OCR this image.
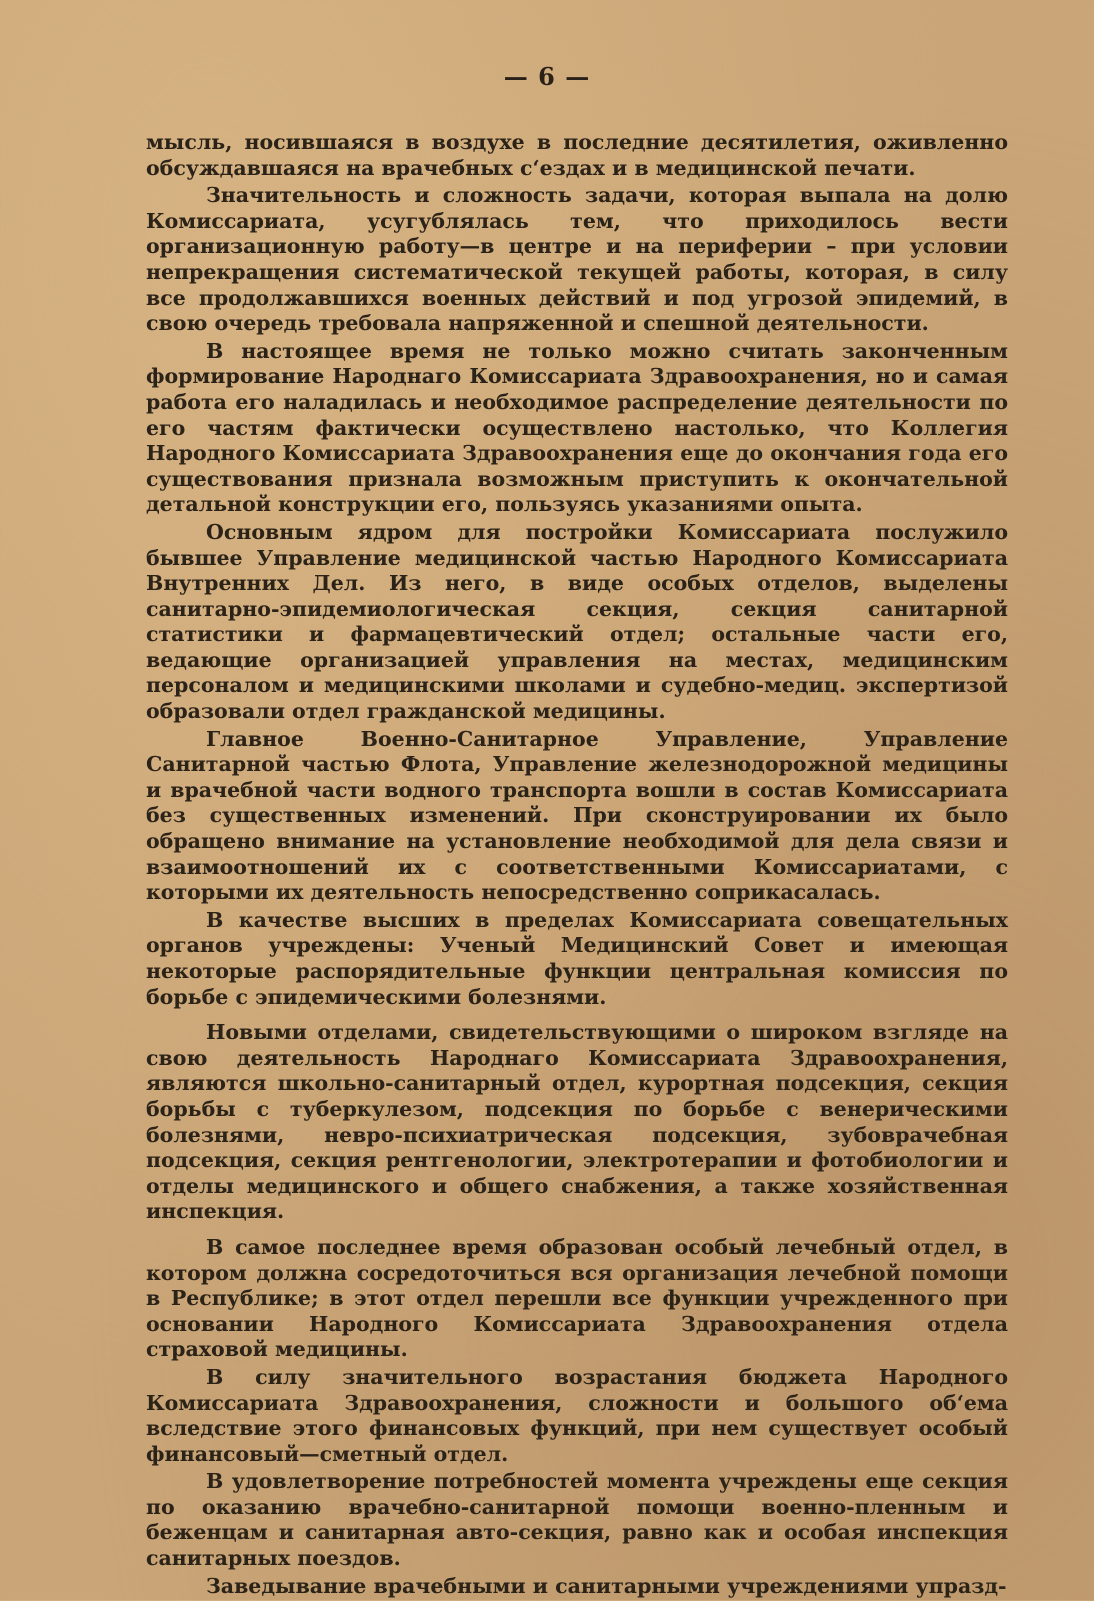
— 6 —

мысль, носившаяся в воздухе в последние десятилетия, оживленно обсуждавшаяся на врачебных с‘ездах и в медицинской печати.

Значительность и сложность задачи, которая выпала на долю Комиссариата, усугублялась тем, что приходилось вести организационную работу—в центре и на периферии – при условии непрекращения систематической текущей работы, которая, в силу все продолжавшихся военных действий и под угрозой эпидемий, в свою очередь требовала напряженной и спешной деятельности.

В настоящее время не только можно считать законченным формирование Народнаго Комиссариата Здравоохранения, но и самая работа его наладилась и необходимое распределение деятельности по его частям фактически осуществлено настолько, что Коллегия Народного Комиссариата Здравоохранения еще до окончания года его существования признала возможным приступить к окончательной детальной конструкции его, пользуясь указаниями опыта.

Основным ядром для постройки Комиссариата послужило бывшее Управление медицинской частью Народного Комиссариата Внутренних Дел. Из него, в виде особых отделов, выделены санитарно-эпидемиологическая секция, секция санитарной статистики и фармацевтический отдел; остальные части его, ведающие организацией управления на местах, медицинским персоналом и медицинскими школами и судебно-медиц. экспертизой образовали отдел гражданской медицины.

Главное Военно-Санитарное Управление, Управление Санитарной частью Флота, Управление железнодорожной медицины и врачебной части водного транспорта вошли в состав Комиссариата без существенных изменений. При сконструировании их было обращено внимание на установление необходимой для дела связи и взаимоотношений их с соответственными Комиссариатами, с которыми их деятельность непосредственно соприкасалась.

В качестве высших в пределах Комиссариата совещательных органов учреждены: Ученый Медицинский Совет и имеющая некоторые распорядительные функции центральная комиссия по борьбе с эпидемическими болезнями.

Новыми отделами, свидетельствующими о широком взгляде на свою деятельность Народнаго Комиссариата Здравоохранения, являются школьно-санитарный отдел, курортная подсекция, секция борьбы с туберкулезом, подсекция по борьбе с венерическими болезнями, невро-психиатрическая подсекция, зубоврачебная подсекция, секция рентгенологии, электротерапии и фотобиологии и отделы медицинского и общего снабжения, а также хозяйственная инспекция.

В самое последнее время образован особый лечебный отдел, в котором должна сосредоточиться вся организация лечебной помощи в Республике; в этот отдел перешли все функции учрежденного при основании Народного Комиссариата Здравоохранения отдела страховой медицины.

В силу значительного возрастания бюджета Народного Комиссариата Здравоохранения, сложности и большого об‘ема вследствие этого финансовых функций, при нем существует особый финансовый—сметный отдел.

В удовлетворение потребностей момента учреждены еще секция по оказанию врачебно-санитарной помощи военно-пленным и беженцам и санитарная авто-секция, равно как и особая инспекция санитарных поездов.

Заведывание врачебными и санитарными учреждениями упразд-
